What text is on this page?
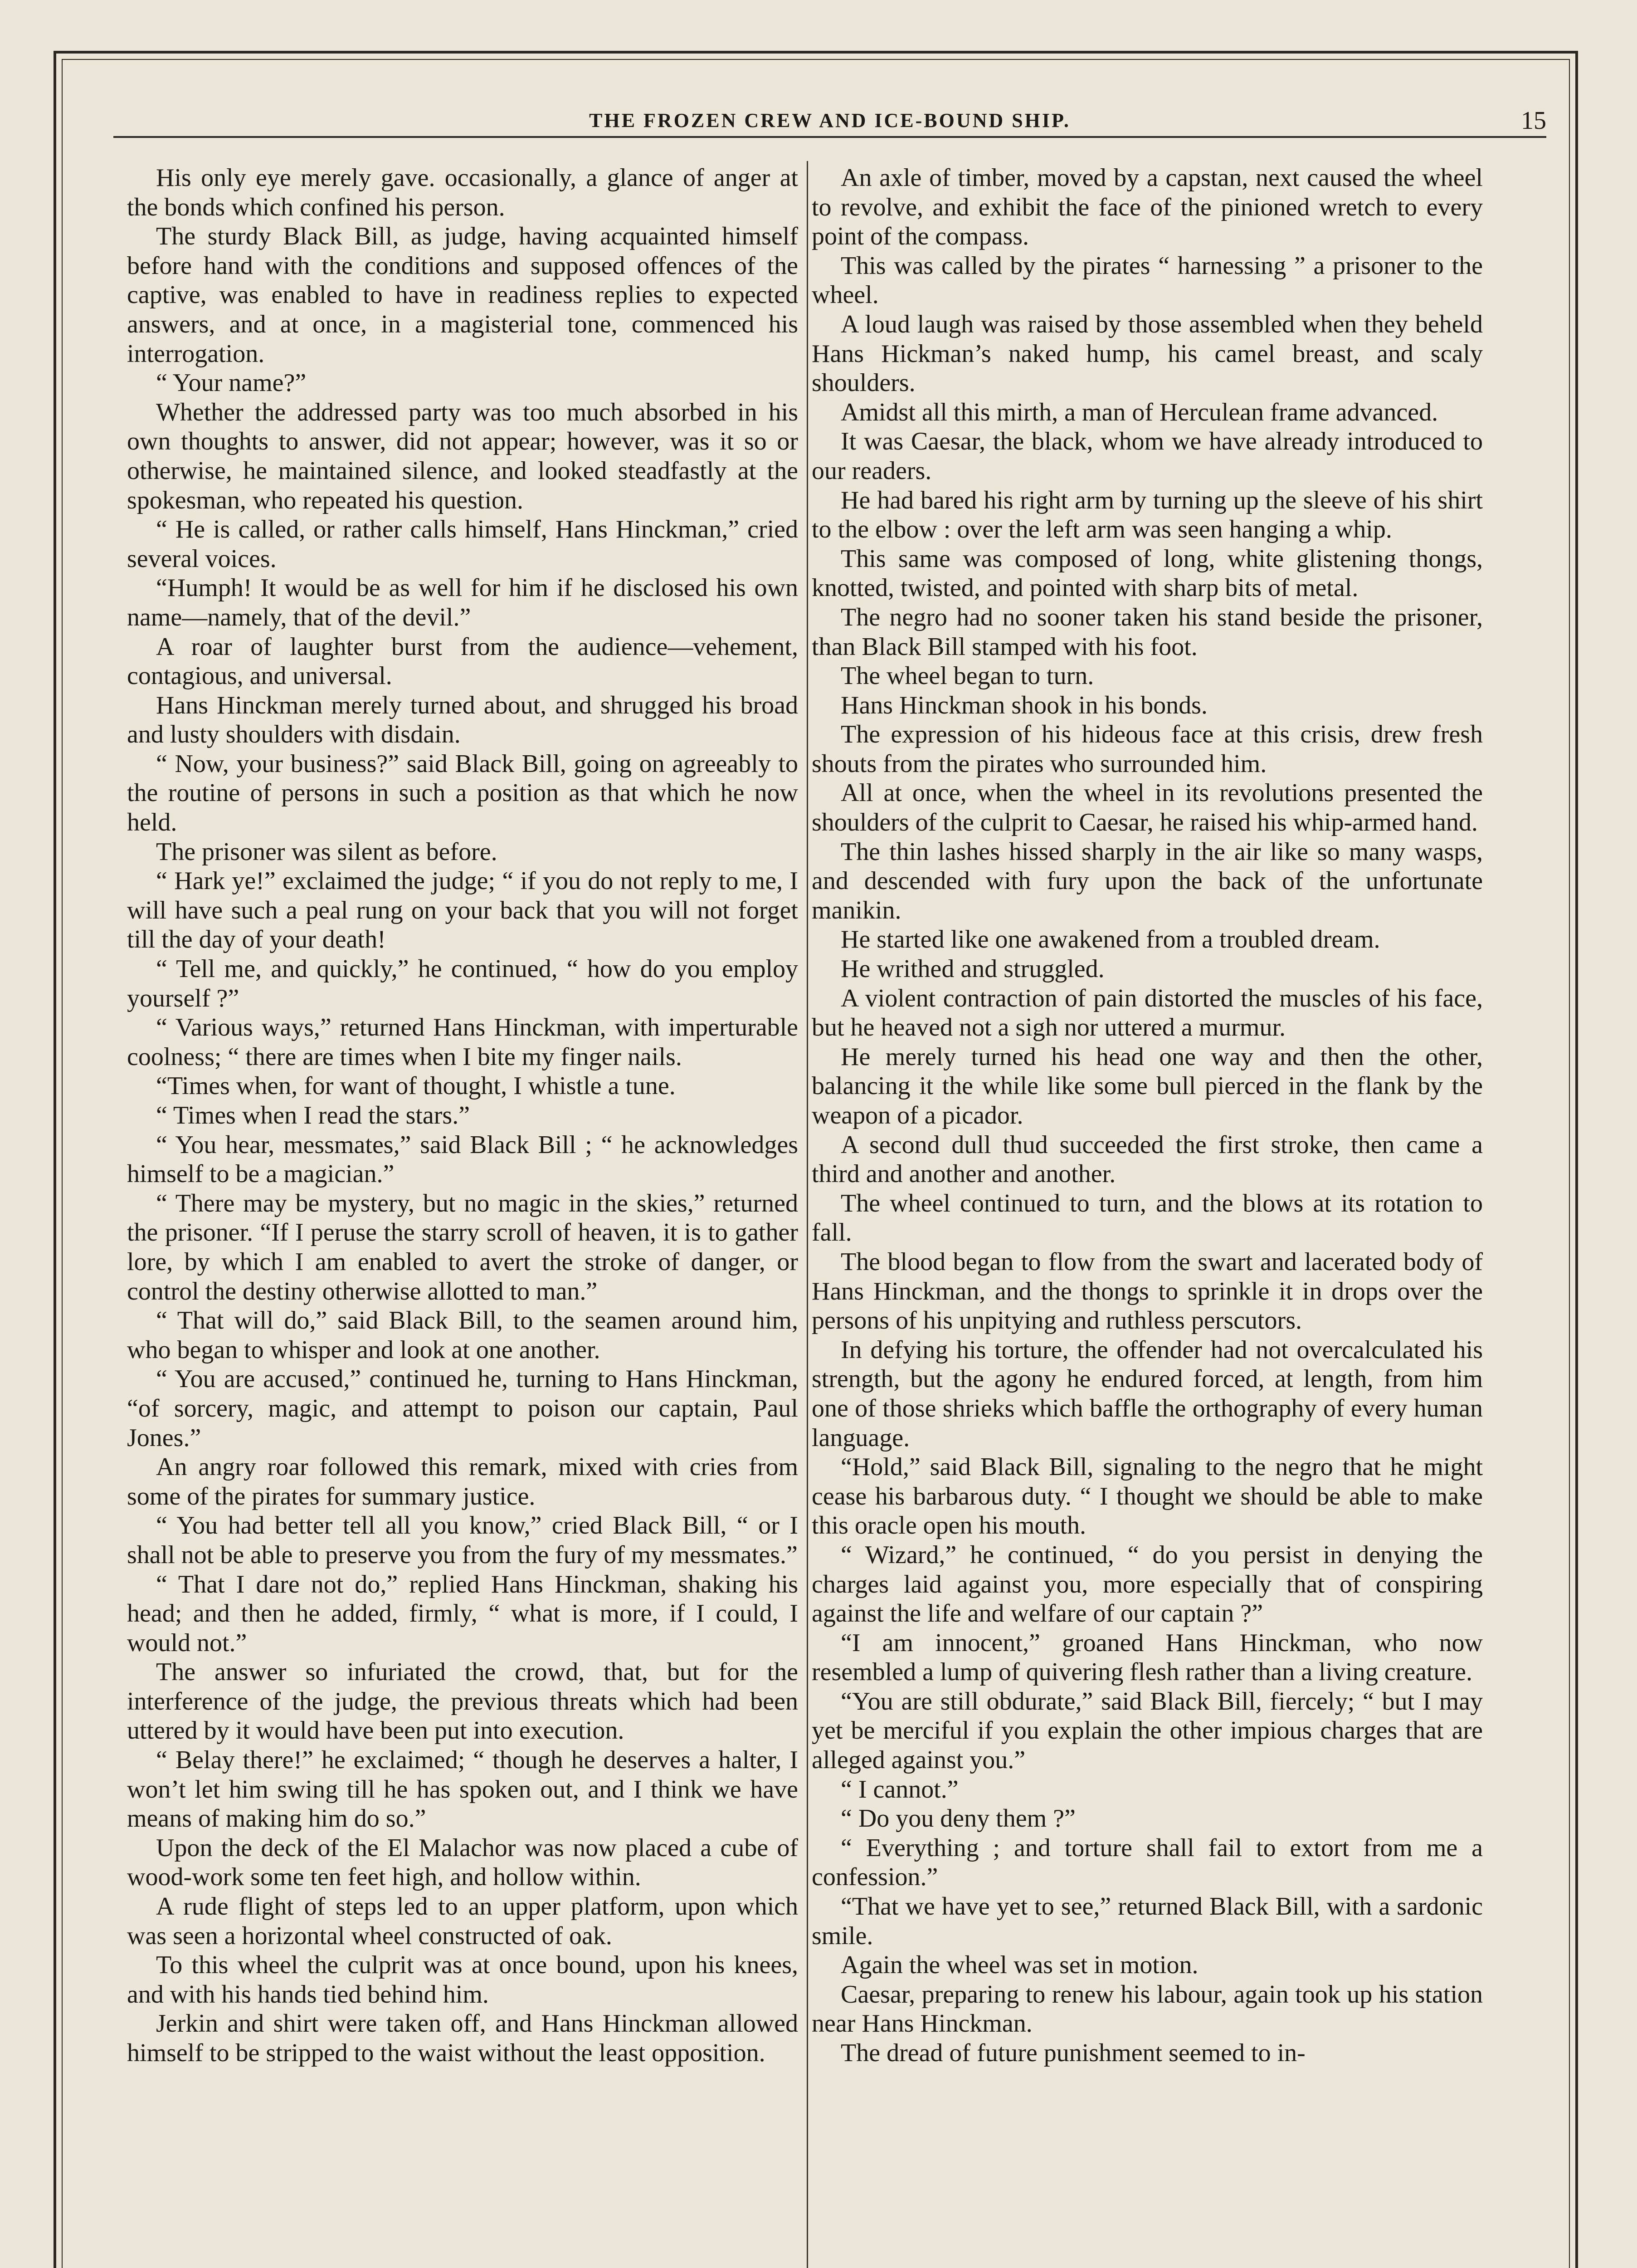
THE FROZEN CREW AND ICE-BOUND SHIP.	15

His only eye merely gave. occasionally, a glance of anger at the bonds which confined his person.

The sturdy Black Bill, as judge, having acquainted himself before hand with the conditions and supposed offences of the captive, was enabled to have in readiness replies to expected answers, and at once, in a magisterial tone, commenced his interrogation.

“ Your name?”

Whether the addressed party was too much absorbed in his own thoughts to answer, did not appear; however, was it so or otherwise, he maintained silence, and looked steadfastly at the spokesman, who repeated his question.

“ He is called, or rather calls himself, Hans Hinckman,” cried several voices.

“Humph! It would be as well for him if he disclosed his own name—namely, that of the devil.”

A roar of laughter burst from the audience—vehement, contagious, and universal.

Hans Hinckman merely turned about, and shrugged his broad and lusty shoulders with disdain.

“ Now, your business?” said Black Bill, going on agreeably to the routine of persons in such a position as that which he now held.

The prisoner was silent as before.

“ Hark ye!” exclaimed the judge; “ if you do not reply to me, I will have such a peal rung on your back that you will not forget till the day of your death!

“ Tell me, and quickly,” he continued, “ how do you employ yourself ?”

“ Various ways,” returned Hans Hinckman, with imperturable coolness; “ there are times when I bite my finger nails.

“Times when, for want of thought, I whistle a tune.

“ Times when I read the stars.”

“ You hear, messmates,” said Black Bill ; “ he acknowledges himself to be a magician.”

“ There may be mystery, but no magic in the skies,” returned the prisoner. “If I peruse the starry scroll of heaven, it is to gather lore, by which I am enabled to avert the stroke of danger, or control the destiny otherwise allotted to man.”

“ That will do,” said Black Bill, to the seamen around him, who began to whisper and look at one another.

“ You are accused,” continued he, turning to Hans Hinckman, “of sorcery, magic, and attempt to poison our captain, Paul Jones.”

An angry roar followed this remark, mixed with cries from some of the pirates for summary justice.

“ You had better tell all you know,” cried Black Bill, “ or I shall not be able to preserve you from the fury of my messmates.”

“ That I dare not do,” replied Hans Hinckman, shaking his head; and then he added, firmly, “ what is more, if I could, I would not.”

The answer so infuriated the crowd, that, but for the interference of the judge, the previous threats which had been uttered by it would have been put into execution.

“ Belay there!” he exclaimed; “ though he deserves a halter, I won’t let him swing till he has spoken out, and I think we have means of making him do so.”

Upon the deck of the El Malachor was now placed a cube of wood-work some ten feet high, and hollow within.

A rude flight of steps led to an upper platform, upon which was seen a horizontal wheel constructed of oak.

To this wheel the culprit was at once bound, upon his knees, and with his hands tied behind him.

Jerkin and shirt were taken off, and Hans Hinckman allowed himself to be stripped to the waist without the least opposition.

An axle of timber, moved by a capstan, next caused the wheel to revolve, and exhibit the face of the pinioned wretch to every point of the compass.

This was called by the pirates “ harnessing ” a prisoner to the wheel.

A loud laugh was raised by those assembled when they beheld Hans Hickman’s naked hump, his camel breast, and scaly shoulders.

Amidst all this mirth, a man of Herculean frame advanced.

It was Caesar, the black, whom we have already introduced to our readers.

He had bared his right arm by turning up the sleeve of his shirt to the elbow : over the left arm was seen hanging a whip.

This same was composed of long, white glistening thongs, knotted, twisted, and pointed with sharp bits of metal.

The negro had no sooner taken his stand beside the prisoner, than Black Bill stamped with his foot.

The wheel began to turn.

Hans Hinckman shook in his bonds.

The expression of his hideous face at this crisis, drew fresh shouts from the pirates who surrounded him.

All at once, when the wheel in its revolutions presented the shoulders of the culprit to Caesar, he raised his whip-armed hand.

The thin lashes hissed sharply in the air like so many wasps, and descended with fury upon the back of the unfortunate manikin.

He started like one awakened from a troubled dream.

He writhed and struggled.

A violent contraction of pain distorted the muscles of his face, but he heaved not a sigh nor uttered a murmur.

He merely turned his head one way and then the other, balancing it the while like some bull pierced in the flank by the weapon of a picador.

A second dull thud succeeded the first stroke, then came a third and another and another.

The wheel continued to turn, and the blows at its rotation to fall.

The blood began to flow from the swart and lacerated body of Hans Hinckman, and the thongs to sprinkle it in drops over the persons of his unpitying and ruthless perscutors.

In defying his torture, the offender had not overcalculated his strength, but the agony he endured forced, at length, from him one of those shrieks which baffle the orthography of every human language.

“Hold,” said Black Bill, signaling to the negro that he might cease his barbarous duty. “ I thought we should be able to make this oracle open his mouth.

“ Wizard,” he continued, “ do you persist in denying the charges laid against you, more especially that of conspiring against the life and welfare of our captain ?”

“I am innocent,” groaned Hans Hinckman, who now resembled a lump of quivering flesh rather than a living creature.

“You are still obdurate,” said Black Bill, fiercely; “ but I may yet be merciful if you explain the other impious charges that are alleged against you.”

“ I cannot.”

“ Do you deny them ?”

“ Everything ; and torture shall fail to extort from me a confession.”

“That we have yet to see,” returned Black Bill, with a sardonic smile.

Again the wheel was set in motion.

Caesar, preparing to renew his labour, again took up his station near Hans Hinckman.

The dread of future punishment seemed to in-
